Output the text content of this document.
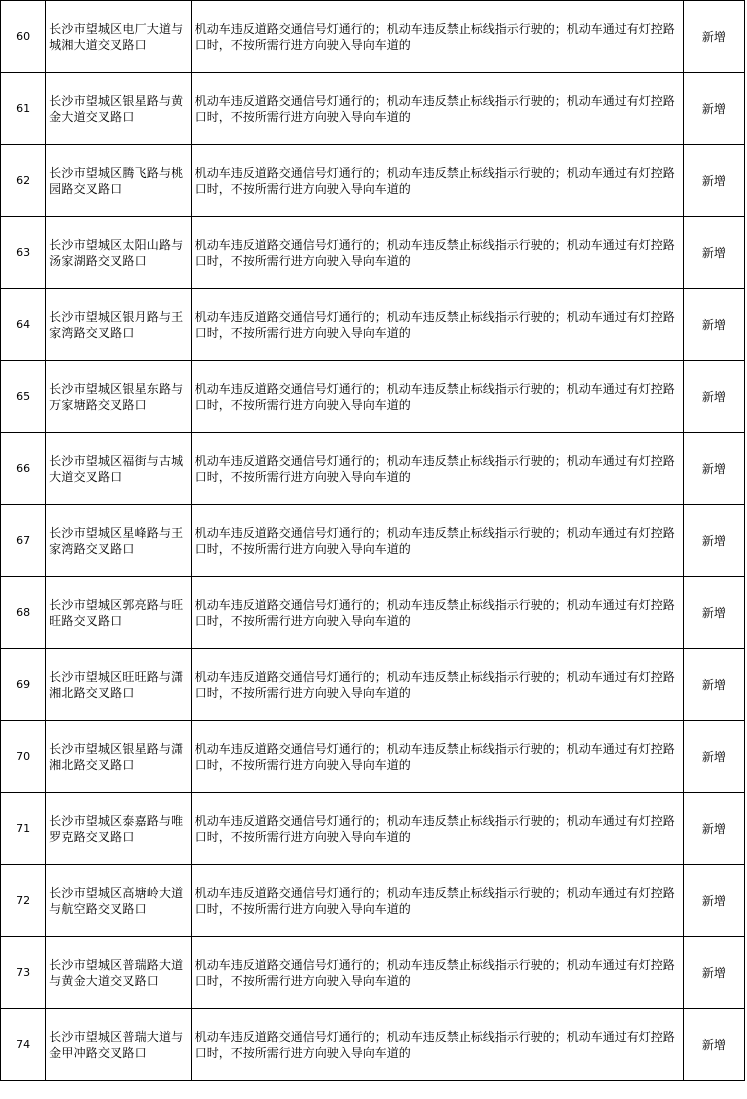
60	长沙市望城区电厂大道与城湘大道交叉路口	机动车违反道路交通信号灯通行的；机动车违反禁止标线指示行驶的；机动车通过有灯控路口时，不按所需行进方向驶入导向车道的	新增

61	长沙市望城区银星路与黄金大道交叉路口	机动车违反道路交通信号灯通行的；机动车违反禁止标线指示行驶的；机动车通过有灯控路口时，不按所需行进方向驶入导向车道的	新增

62	长沙市望城区腾飞路与桃园路交叉路口	机动车违反道路交通信号灯通行的；机动车违反禁止标线指示行驶的；机动车通过有灯控路口时，不按所需行进方向驶入导向车道的	新增

63	长沙市望城区太阳山路与汤家湖路交叉路口	机动车违反道路交通信号灯通行的；机动车违反禁止标线指示行驶的；机动车通过有灯控路口时，不按所需行进方向驶入导向车道的	新增

64	长沙市望城区银月路与王家湾路交叉路口	机动车违反道路交通信号灯通行的；机动车违反禁止标线指示行驶的；机动车通过有灯控路口时，不按所需行进方向驶入导向车道的	新增

65	长沙市望城区银星东路与万家塘路交叉路口	机动车违反道路交通信号灯通行的；机动车违反禁止标线指示行驶的；机动车通过有灯控路口时，不按所需行进方向驶入导向车道的	新增

66	长沙市望城区福街与古城大道交叉路口	机动车违反道路交通信号灯通行的；机动车违反禁止标线指示行驶的；机动车通过有灯控路口时，不按所需行进方向驶入导向车道的	新增

67	长沙市望城区星峰路与王家湾路交叉路口	机动车违反道路交通信号灯通行的；机动车违反禁止标线指示行驶的；机动车通过有灯控路口时，不按所需行进方向驶入导向车道的	新增

68	长沙市望城区郭亮路与旺旺路交叉路口	机动车违反道路交通信号灯通行的；机动车违反禁止标线指示行驶的；机动车通过有灯控路口时，不按所需行进方向驶入导向车道的	新增

69	长沙市望城区旺旺路与潇湘北路交叉路口	机动车违反道路交通信号灯通行的；机动车违反禁止标线指示行驶的；机动车通过有灯控路口时，不按所需行进方向驶入导向车道的	新增

70	长沙市望城区银星路与潇湘北路交叉路口	机动车违反道路交通信号灯通行的；机动车违反禁止标线指示行驶的；机动车通过有灯控路口时，不按所需行进方向驶入导向车道的	新增

71	长沙市望城区泰嘉路与唯罗克路交叉路口	机动车违反道路交通信号灯通行的；机动车违反禁止标线指示行驶的；机动车通过有灯控路口时，不按所需行进方向驶入导向车道的	新增

72	长沙市望城区高塘岭大道与航空路交叉路口	机动车违反道路交通信号灯通行的；机动车违反禁止标线指示行驶的；机动车通过有灯控路口时，不按所需行进方向驶入导向车道的	新增

73	长沙市望城区普瑞路大道与黄金大道交叉路口	机动车违反道路交通信号灯通行的；机动车违反禁止标线指示行驶的；机动车通过有灯控路口时，不按所需行进方向驶入导向车道的	新增

74	长沙市望城区普瑞大道与金甲冲路交叉路口	机动车违反道路交通信号灯通行的；机动车违反禁止标线指示行驶的；机动车通过有灯控路口时，不按所需行进方向驶入导向车道的	新增
